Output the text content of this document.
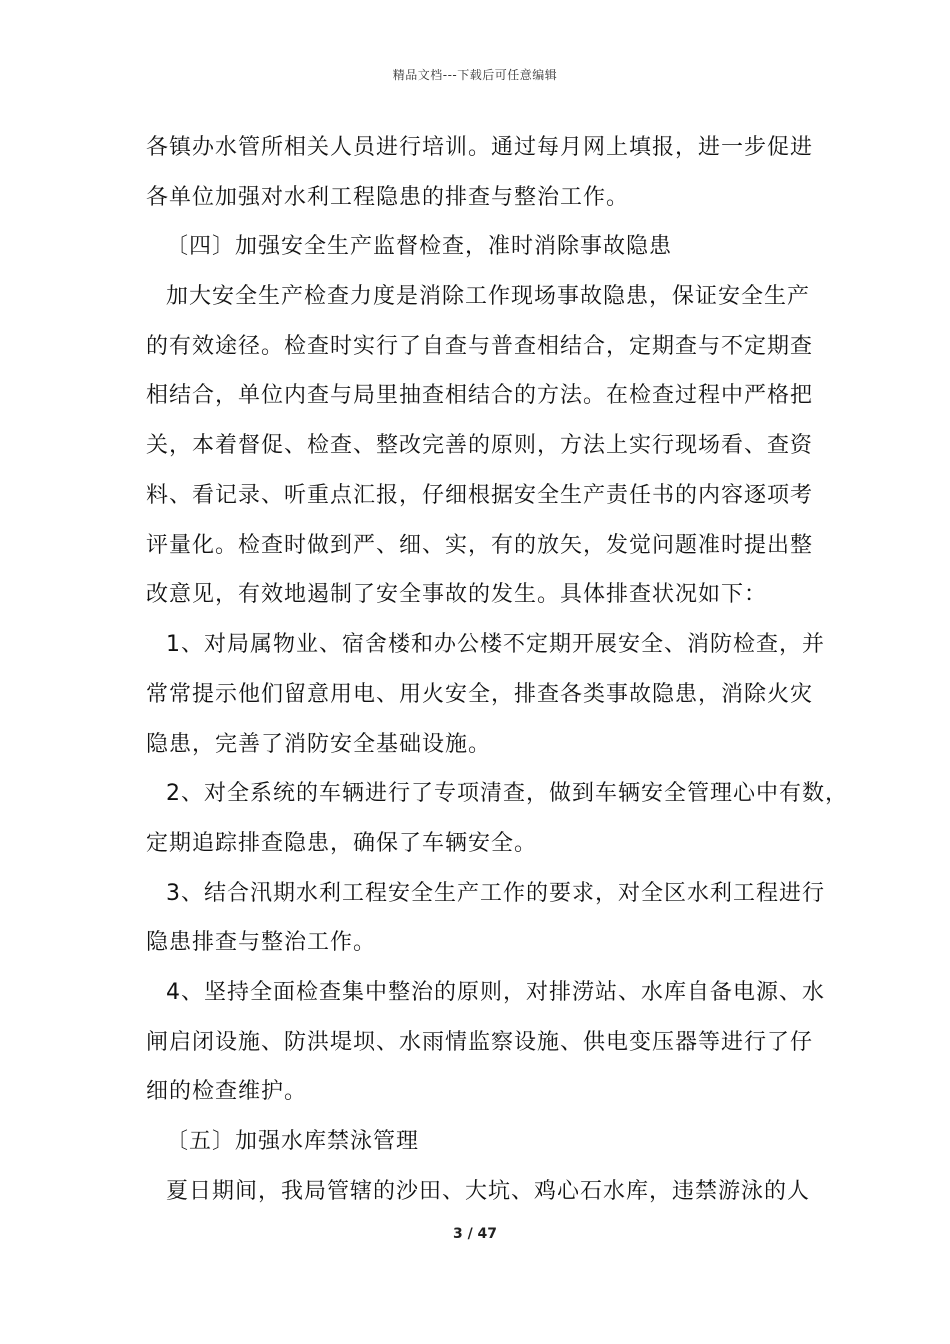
精品文档---下载后可任意编辑
各镇办水管所相关人员进行培训。通过每月网上填报，进一步促进
各单位加强对水利工程隐患的排查与整治工作。
〔四〕加强安全生产监督检查，准时消除事故隐患
加大安全生产检查力度是消除工作现场事故隐患，保证安全生产
的有效途径。检查时实行了自查与普查相结合，定期查与不定期查
相结合，单位内查与局里抽查相结合的方法。在检查过程中严格把
关，本着督促、检查、整改完善的原则，方法上实行现场看、查资
料、看记录、听重点汇报，仔细根据安全生产责任书的内容逐项考
评量化。检查时做到严、细、实，有的放矢，发觉问题准时提出整
改意见，有效地遏制了安全事故的发生。具体排查状况如下：
1、对局属物业、宿舍楼和办公楼不定期开展安全、消防检查，并
常常提示他们留意用电、用火安全，排查各类事故隐患，消除火灾
隐患，完善了消防安全基础设施。
2、对全系统的车辆进行了专项清查，做到车辆安全管理心中有数，
定期追踪排查隐患，确保了车辆安全。
3、结合汛期水利工程安全生产工作的要求，对全区水利工程进行
隐患排查与整治工作。
4、坚持全面检查集中整治的原则，对排涝站、水库自备电源、水
闸启闭设施、防洪堤坝、水雨情监察设施、供电变压器等进行了仔
细的检查维护。
〔五〕加强水库禁泳管理
夏日期间，我局管辖的沙田、大坑、鸡心石水库，违禁游泳的人
3 / 47
